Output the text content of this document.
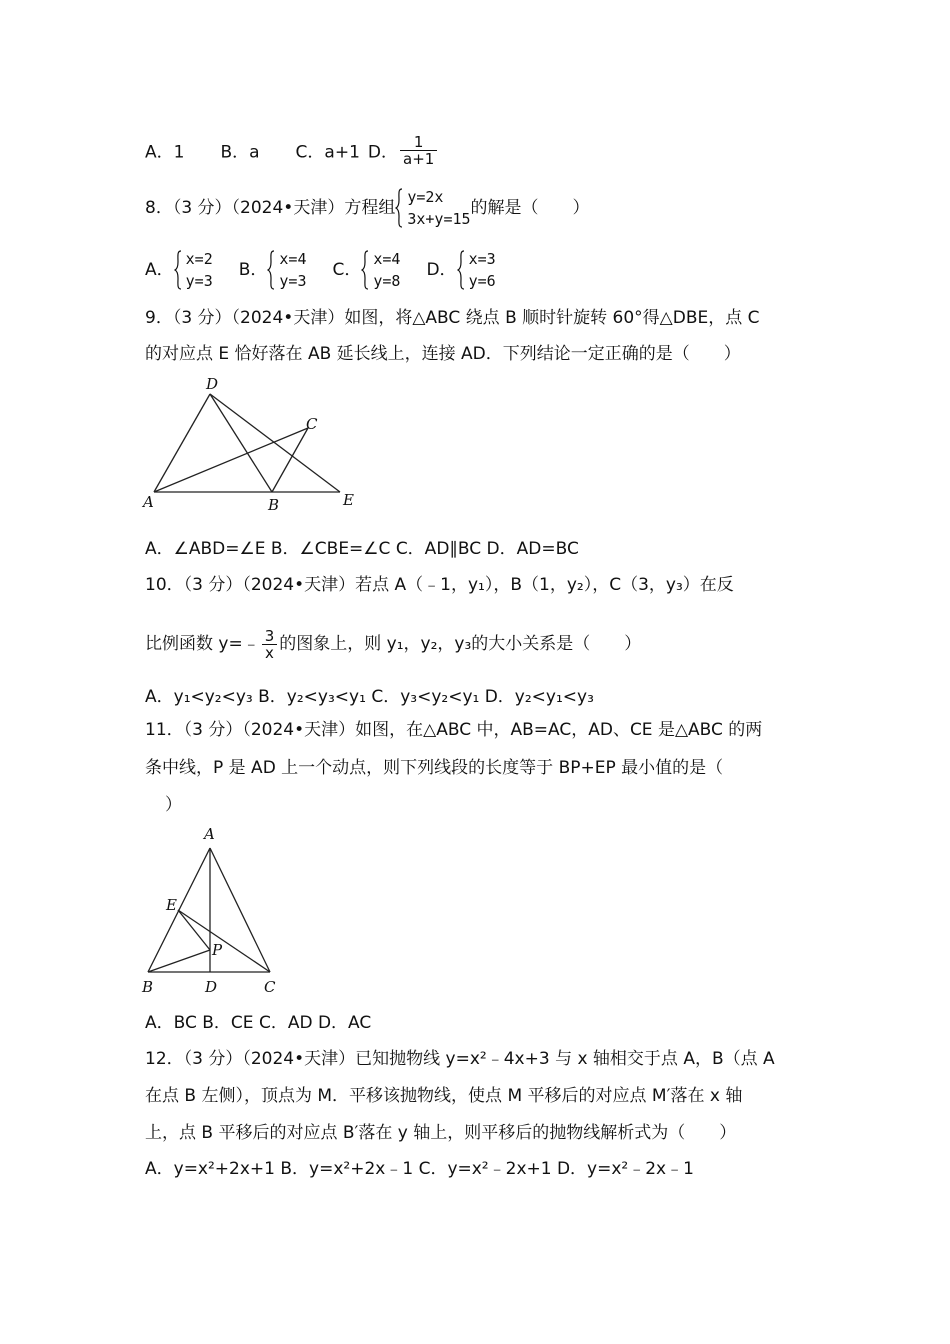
A．1 B．a C．a+1 D． $\frac{1}{a+1}$
8．（3 分）（2024•天津）方程组
y=2x
3x+y=15
的解是（　　）
A．
x=2
y=3
B．
x=4
y=3
C．
x=4
y=8
D．
x=3
y=6
9．（3 分）（2024•天津）如图，将△ABC 绕点 B 顺时针旋转 60°得△DBE，点 C
的对应点 E 恰好落在 AB 延长线上，连接 AD．下列结论一定正确的是（　　）
D
C
A	B	E
A．∠ABD=∠E B．∠CBE=∠C C．AD∥BC D．AD=BC
10．（3 分）（2024•天津）若点 A（﹣1，y₁），B（1，y₂），C（3，y₃）在反
比例函数 y=﹣ $\frac{3}{x}$ 的图象上，则 y₁，y₂，y₃的大小关系是（　　）
A．y₁<y₂<y₃ B．y₂<y₃<y₁ C．y₃<y₂<y₁ D．y₂<y₁<y₃
11．（3 分）（2024•天津）如图，在△ABC 中，AB=AC，AD、CE 是△ABC 的两
条中线，P 是 AD 上一个动点，则下列线段的长度等于 BP+EP 最小值的是（
）
A
E
P
B	D	C
A．BC B．CE C．AD D．AC
12．（3 分）（2024•天津）已知抛物线 y=x²﹣4x+3 与 x 轴相交于点 A，B（点 A
在点 B 左侧），顶点为 M．平移该抛物线，使点 M 平移后的对应点 M′落在 x 轴
上，点 B 平移后的对应点 B′落在 y 轴上，则平移后的抛物线解析式为（　　）
A．y=x²+2x+1 B．y=x²+2x﹣1 C．y=x²﹣2x+1 D．y=x²﹣2x﹣1
